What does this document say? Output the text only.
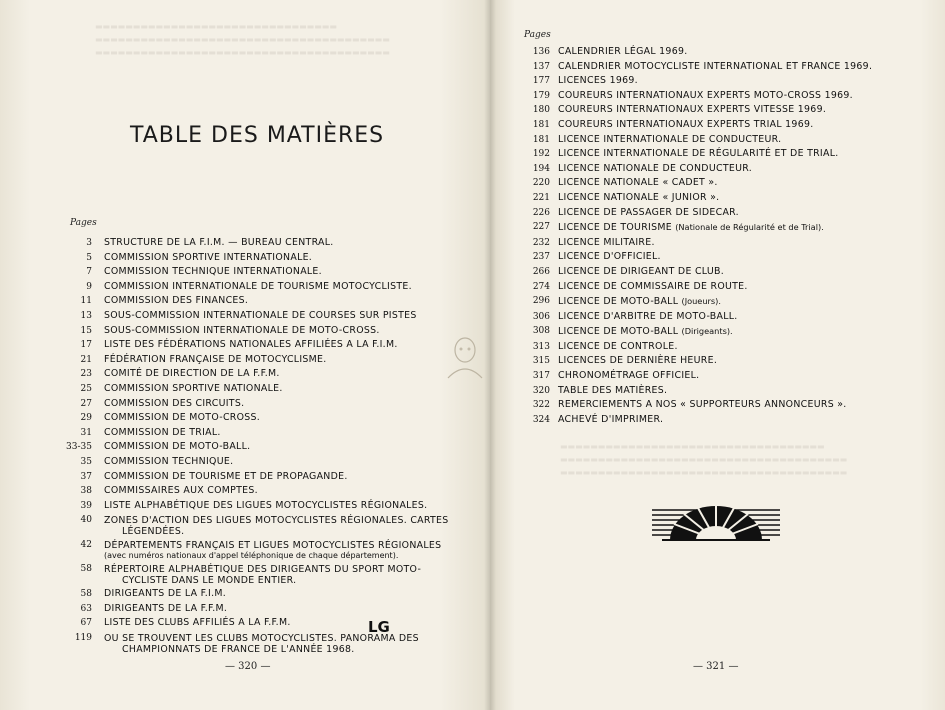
▬▬▬▬▬▬▬▬▬▬▬▬▬▬▬▬▬▬▬▬▬▬▬▬▬▬▬▬▬▬▬▬
▬▬▬▬▬▬▬▬▬▬▬▬▬▬▬▬▬▬▬▬▬▬▬▬▬▬▬▬▬▬▬▬▬▬▬▬▬▬▬
▬▬▬▬▬▬▬▬▬▬▬▬▬▬▬▬▬▬▬▬▬▬▬▬▬▬▬▬▬▬▬▬▬▬▬▬▬▬▬
▬▬▬▬▬▬▬▬▬▬▬▬▬▬▬▬▬▬▬▬▬▬▬▬▬▬▬▬▬▬▬▬▬▬▬
▬▬▬▬▬▬▬▬▬▬▬▬▬▬▬▬▬▬▬▬▬▬▬▬▬▬▬▬▬▬▬▬▬▬▬▬▬▬
▬▬▬▬▬▬▬▬▬▬▬▬▬▬▬▬▬▬▬▬▬▬▬▬▬▬▬▬▬▬▬▬▬▬▬▬▬▬
TABLE DES MATIÈRES
Pages
3 STRUCTURE DE LA F.I.M. — BUREAU CENTRAL.
5 COMMISSION SPORTIVE INTERNATIONALE.
7 COMMISSION TECHNIQUE INTERNATIONALE.
9 COMMISSION INTERNATIONALE DE TOURISME MOTOCYCLISTE.
11 COMMISSION DES FINANCES.
13 SOUS-COMMISSION INTERNATIONALE DE COURSES SUR PISTES
15 SOUS-COMMISSION INTERNATIONALE DE MOTO-CROSS.
17 LISTE DES FÉDÉRATIONS NATIONALES AFFILIÉES A LA F.I.M.
21 FÉDÉRATION FRANÇAISE DE MOTOCYCLISME.
23 COMITÉ DE DIRECTION DE LA F.F.M.
25 COMMISSION SPORTIVE NATIONALE.
27 COMMISSION DES CIRCUITS.
29 COMMISSION DE MOTO-CROSS.
31 COMMISSION DE TRIAL.
33-35 COMMISSION DE MOTO-BALL.
35 COMMISSION TECHNIQUE.
37 COMMISSION DE TOURISME ET DE PROPAGANDE.
38 COMMISSAIRES AUX COMPTES.
39 LISTE ALPHABÉTIQUE DES LIGUES MOTOCYCLISTES RÉGIONALES.
40 ZONES D'ACTION DES LIGUES MOTOCYCLISTES RÉGIONALES. CARTES
LÉGENDÉES.
42 DÉPARTEMENTS FRANÇAIS ET LIGUES MOTOCYCLISTES RÉGIONALES
(avec numéros nationaux d'appel téléphonique de chaque département).
58 RÉPERTOIRE ALPHABÉTIQUE DES DIRIGEANTS DU SPORT MOTO-
CYCLISTE DANS LE MONDE ENTIER.
58 DIRIGEANTS DE LA F.I.M.
63 DIRIGEANTS DE LA F.F.M.
67 LISTE DES CLUBS AFFILIÉS A LA F.F.M.
119 OU SE TROUVENT LES CLUBS MOTOCYCLISTES. PANORAMA DES
CHAMPIONNATS DE FRANCE DE L'ANNÉE 1968.
LG
— 320 —
Pages
136 CALENDRIER LÉGAL 1969.
137 CALENDRIER MOTOCYCLISTE INTERNATIONAL ET FRANCE 1969.
177 LICENCES 1969.
179 COUREURS INTERNATIONAUX EXPERTS MOTO-CROSS 1969.
180 COUREURS INTERNATIONAUX EXPERTS VITESSE 1969.
181 COUREURS INTERNATIONAUX EXPERTS TRIAL 1969.
181 LICENCE INTERNATIONALE DE CONDUCTEUR.
192 LICENCE INTERNATIONALE DE RÉGULARITÉ ET DE TRIAL.
194 LICENCE NATIONALE DE CONDUCTEUR.
220 LICENCE NATIONALE « CADET ».
221 LICENCE NATIONALE « JUNIOR ».
226 LICENCE DE PASSAGER DE SIDECAR.
227 LICENCE DE TOURISME (Nationale de Régularité et de Trial).
232 LICENCE MILITAIRE.
237 LICENCE D'OFFICIEL.
266 LICENCE DE DIRIGEANT DE CLUB.
274 LICENCE DE COMMISSAIRE DE ROUTE.
296 LICENCE DE MOTO-BALL (Joueurs).
306 LICENCE D'ARBITRE DE MOTO-BALL.
308 LICENCE DE MOTO-BALL (Dirigeants).
313 LICENCE DE CONTROLE.
315 LICENCES DE DERNIÈRE HEURE.
317 CHRONOMÉTRAGE OFFICIEL.
320 TABLE DES MATIÈRES.
322 REMERCIEMENTS A NOS « SUPPORTEURS ANNONCEURS ».
324 ACHEVÉ D'IMPRIMER.
— 321 —
